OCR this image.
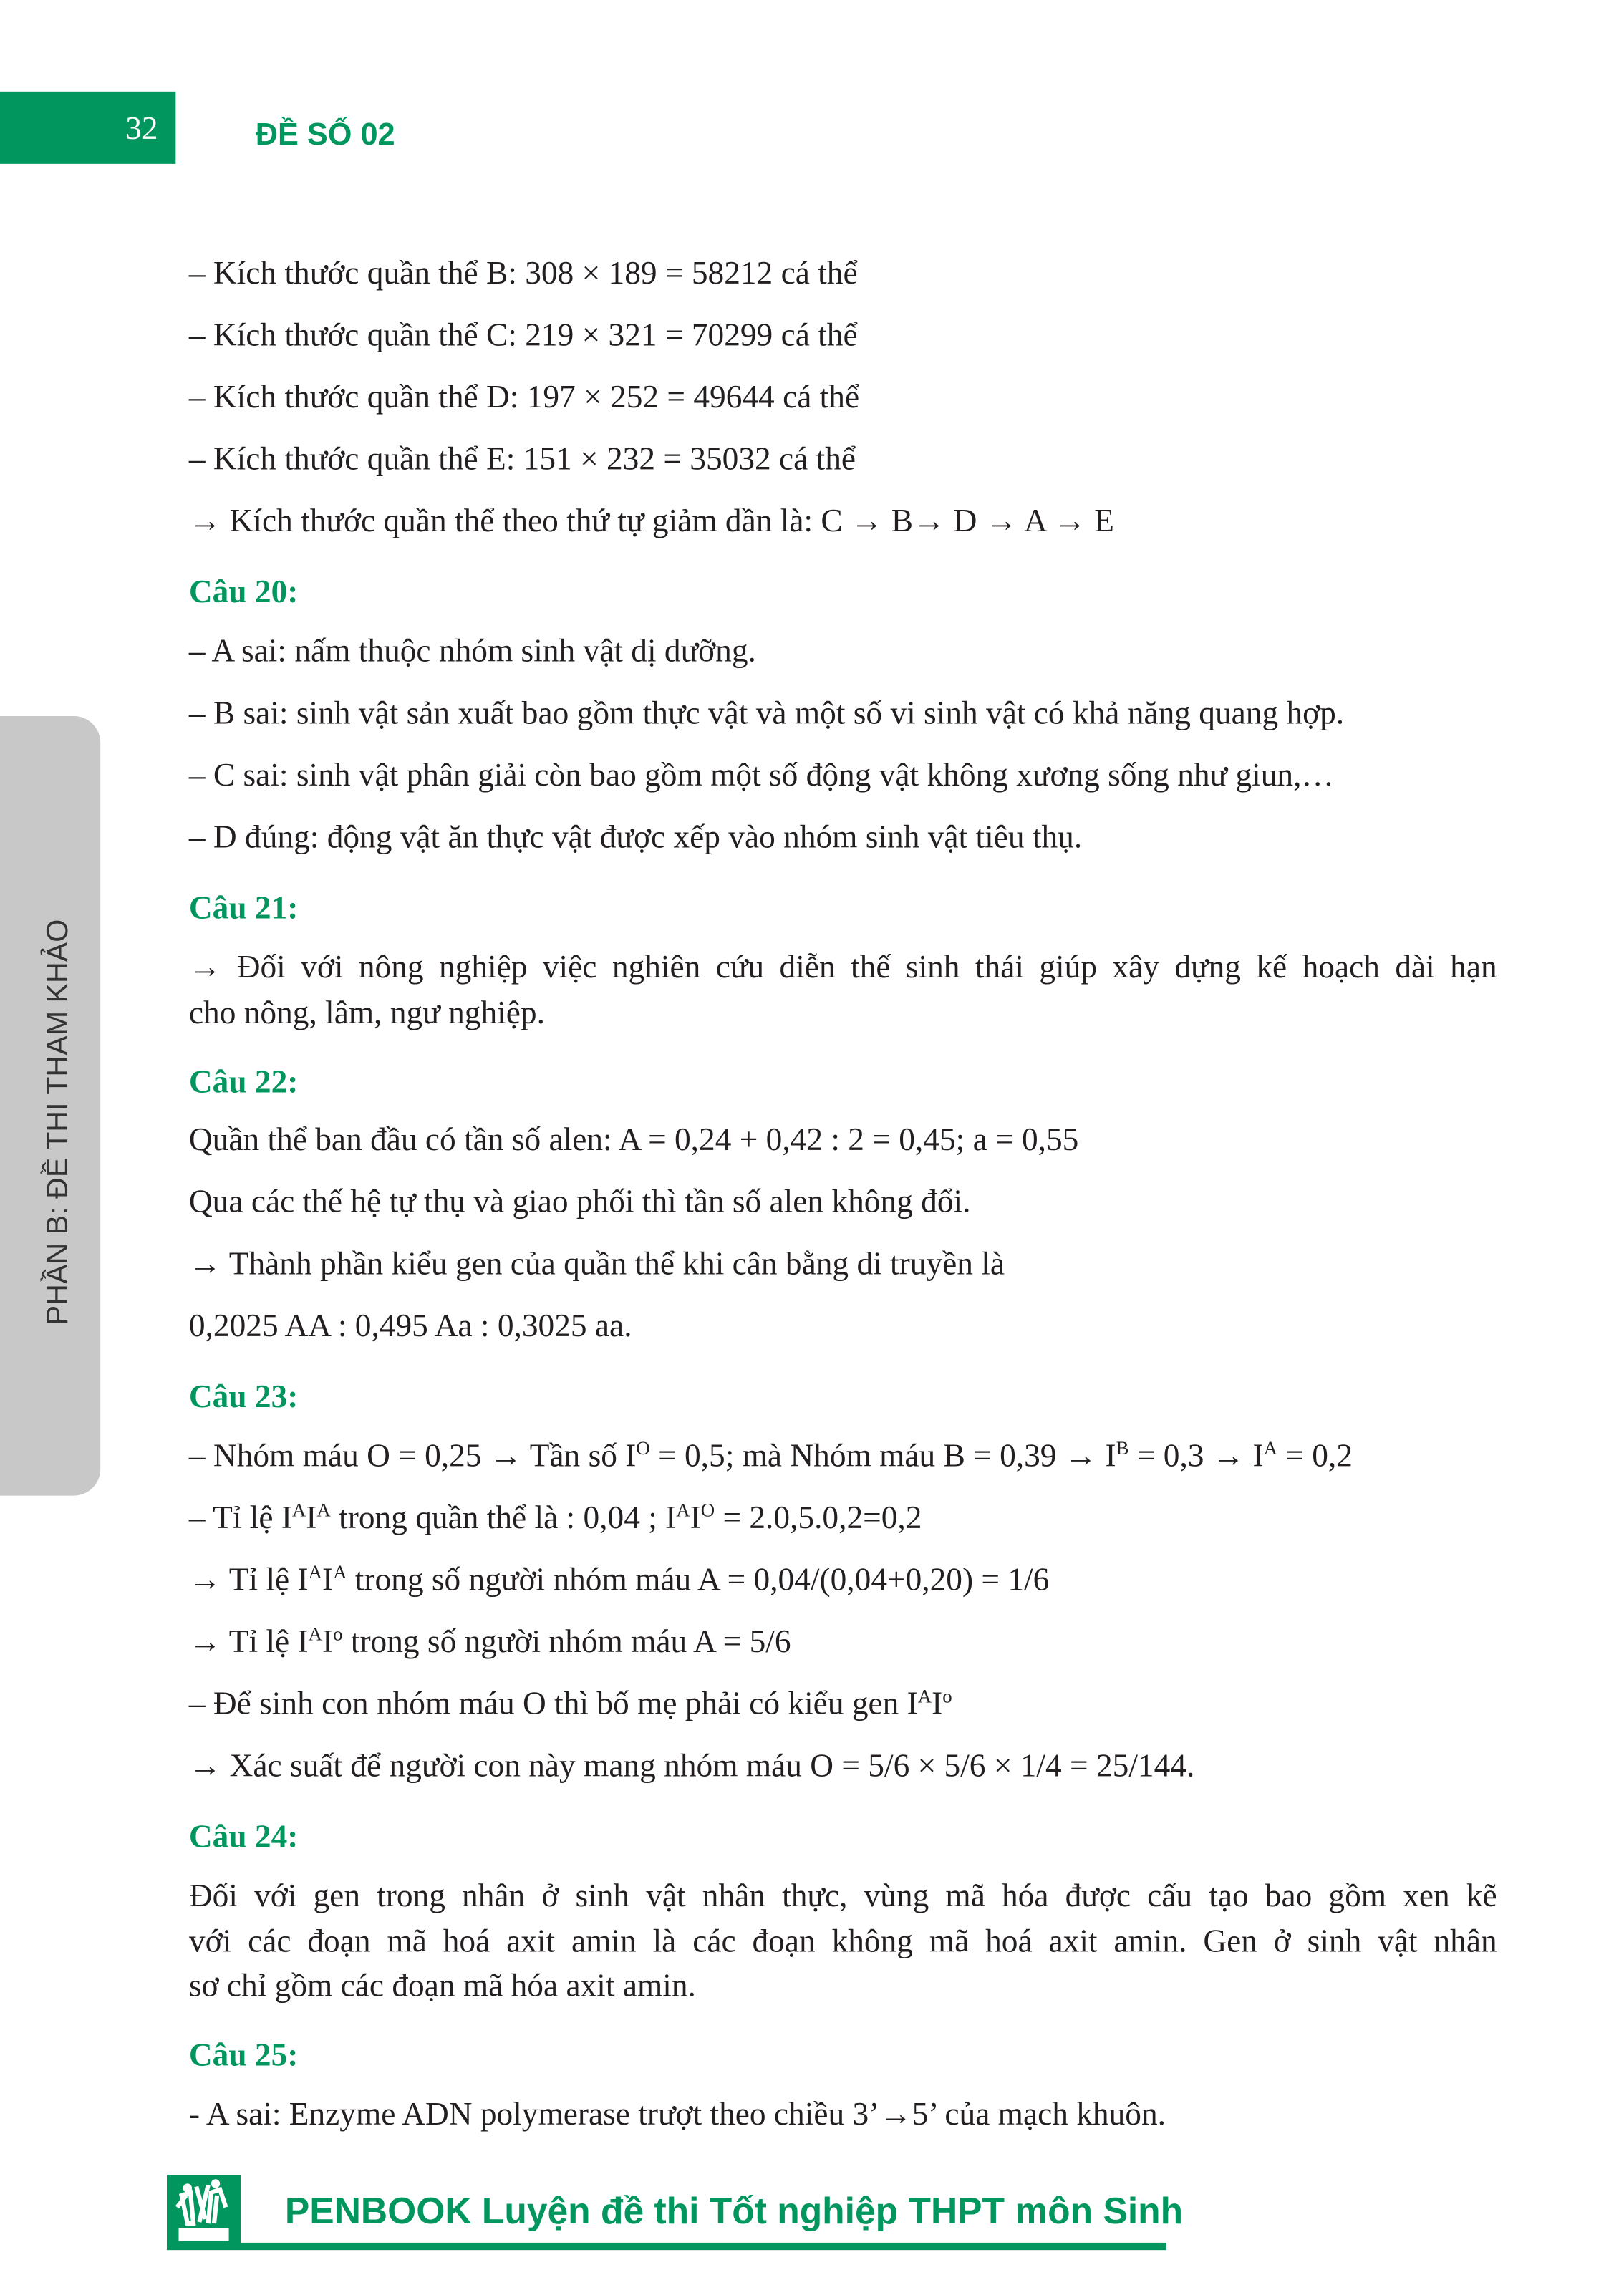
32	ĐỀ SỐ 02
PHẦN B: ĐỀ THI THAM KHẢO
– Kích thước quần thể B: 308 × 189 = 58212 cá thể
– Kích thước quần thể C: 219 × 321 = 70299 cá thể
– Kích thước quần thể D: 197 × 252 = 49644 cá thể
– Kích thước quần thể E: 151 × 232 = 35032 cá thể
→ Kích thước quần thể theo thứ tự giảm dần là: C → B→ D → A → E
Câu 20:
– A sai: nấm thuộc nhóm sinh vật dị dưỡng.
– B sai: sinh vật sản xuất bao gồm thực vật và một số vi sinh vật có khả năng quang hợp.
– C sai: sinh vật phân giải còn bao gồm một số động vật không xương sống như giun,…
– D đúng: động vật ăn thực vật được xếp vào nhóm sinh vật tiêu thụ.
Câu 21:
→ Đối với nông nghiệp việc nghiên cứu diễn thế sinh thái giúp xây dựng kế hoạch dài hạn
cho nông, lâm, ngư nghiệp.
Câu 22:
Quần thể ban đầu có tần số alen: A = 0,24 + 0,42 : 2 = 0,45; a = 0,55
Qua các thế hệ tự thụ và giao phối thì tần số alen không đổi.
→ Thành phần kiểu gen của quần thể khi cân bằng di truyền là
0,2025 AA : 0,495 Aa : 0,3025 aa.
Câu 23:
– Nhóm máu O = 0,25 → Tần số $I^O = 0,5$; mà Nhóm máu $B = 0,39 \to I^B = 0,3 \to I^A = 0,2$
– Tỉ lệ $I^AI^A$ trong quần thể là : 0,04 ; $I^AI^O = 2.0,5.0,2=0,2$
→ Tỉ lệ $I^AI^A$ trong số người nhóm máu A = 0,04/(0,04+0,20) = 1/6
→ Tỉ lệ $I^AI^o$ trong số người nhóm máu A = 5/6
– Để sinh con nhóm máu O thì bố mẹ phải có kiểu gen $I^AI^o$
→ Xác suất để người con này mang nhóm máu O = 5/6 × 5/6 × 1/4 = 25/144.
Câu 24:
Đối với gen trong nhân ở sinh vật nhân thực, vùng mã hóa được cấu tạo bao gồm xen kẽ
với các đoạn mã hoá axit amin là các đoạn không mã hoá axit amin. Gen ở sinh vật nhân
sơ chỉ gồm các đoạn mã hóa axit amin.
Câu 25:
- A sai: Enzyme ADN polymerase trượt theo chiều 3’→5’ của mạch khuôn.
PENBOOK Luyện đề thi Tốt nghiệp THPT môn Sinh
